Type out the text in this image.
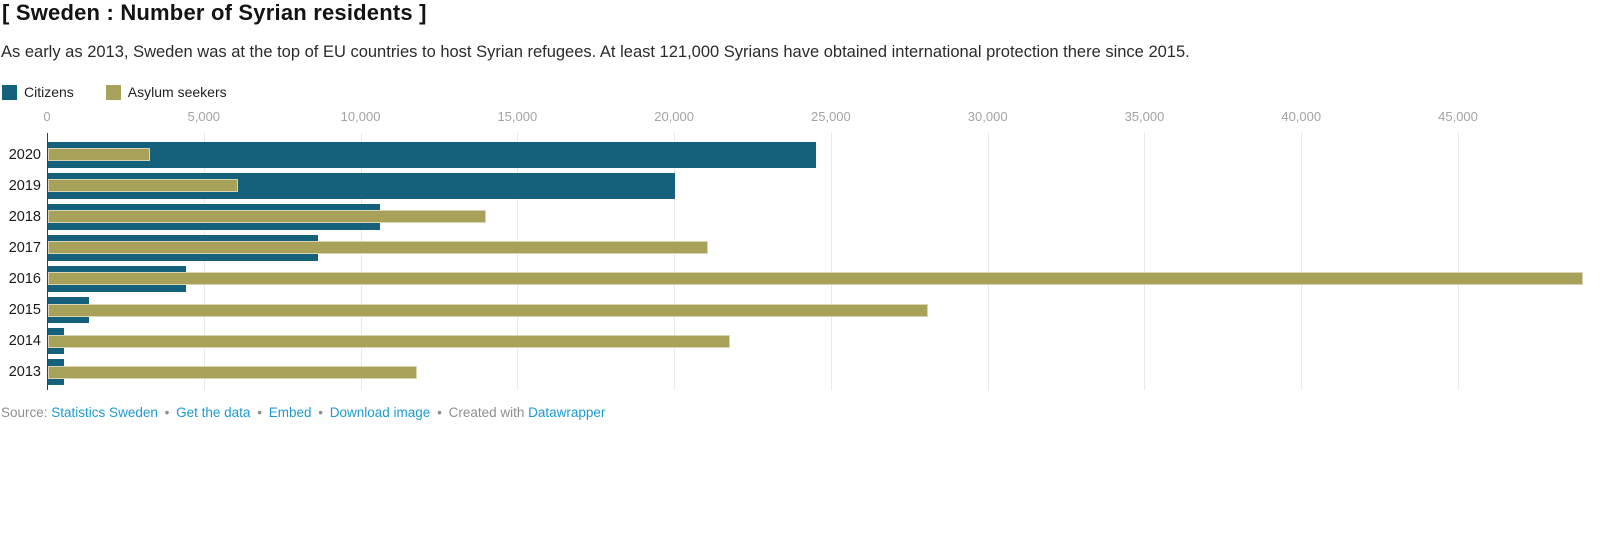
[ Sweden : Number of Syrian residents ]

As early as 2013, Sweden was at the top of EU countries to host Syrian refugees. At least 121,000 Syrians have obtained international protection there since 2015.

Citizens	Asylum seekers
0	5,000	10,000	15,000	20,000	25,000	30,000	35,000	40,000	45,000
2020
2019
2018
2017
2016
2015
2014
2013
Source: Statistics Sweden • Get the data • Embed • Download image • Created with Datawrapper
